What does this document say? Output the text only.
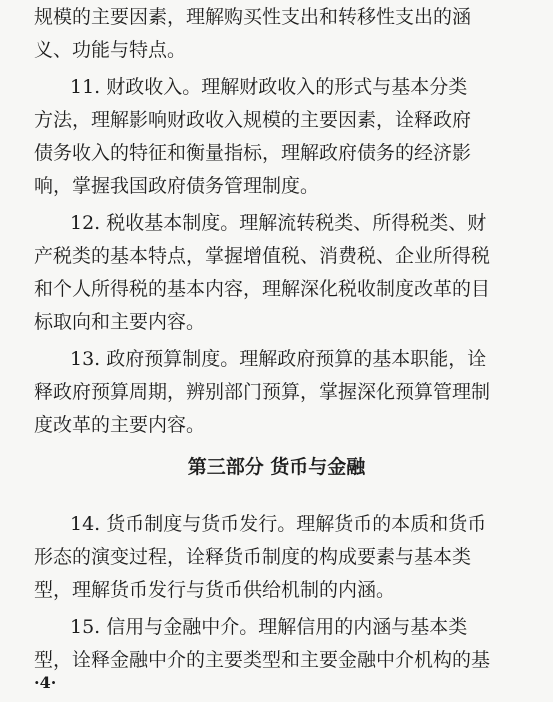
规模的主要因素，理解购买性支出和转移性支出的涵
义、功能与特点。
11. 财政收入。理解财政收入的形式与基本分类
方法，理解影响财政收入规模的主要因素，诠释政府
债务收入的特征和衡量指标，理解政府债务的经济影
响，掌握我国政府债务管理制度。
12. 税收基本制度。理解流转税类、所得税类、财
产税类的基本特点，掌握增值税、消费税、企业所得税
和个人所得税的基本内容，理解深化税收制度改革的目
标取向和主要内容。
13. 政府预算制度。理解政府预算的基本职能，诠
释政府预算周期，辨别部门预算，掌握深化预算管理制
度改革的主要内容。
第三部分 货币与金融
14. 货币制度与货币发行。理解货币的本质和货币
形态的演变过程，诠释货币制度的构成要素与基本类
型，理解货币发行与货币供给机制的内涵。
15. 信用与金融中介。理解信用的内涵与基本类
型，诠释金融中介的主要类型和主要金融中介机构的基
·4·
